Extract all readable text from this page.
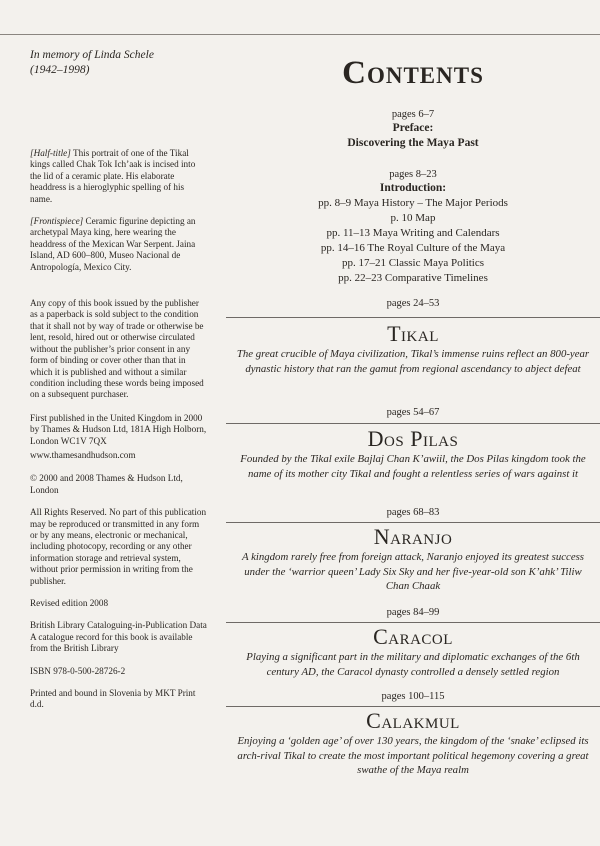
In memory of Linda Schele

(1942–1998)

[Half-title] This portrait of one of the Tikal kings called Chak Tok Ich’aak is incised into the lid of a ceramic plate. His elaborate headdress is a hieroglyphic spelling of his name.

[Frontispiece] Ceramic figurine depicting an archetypal Maya king, here wearing the headdress of the Mexican War Serpent. Jaina Island, AD 600–800, Museo Nacional de Antropología, Mexico City.

Any copy of this book issued by the publisher as a paperback is sold subject to the condition that it shall not by way of trade or otherwise be lent, resold, hired out or otherwise circulated without the publisher’s prior consent in any form of binding or cover other than that in which it is published and without a similar condition including these words being imposed on a subsequent purchaser.

First published in the United Kingdom in 2000 by Thames & Hudson Ltd, 181A High Holborn, London WC1V 7QX

www.thamesandhudson.com

© 2000 and 2008 Thames & Hudson Ltd, London

All Rights Reserved. No part of this publication may be reproduced or transmitted in any form or by any means, electronic or mechanical, including photocopy, recording or any other information storage and retrieval system, without prior permission in writing from the publisher.

Revised edition 2008

British Library Cataloguing-in-Publication Data A catalogue record for this book is available from the British Library

ISBN 978-0-500-28726-2

Printed and bound in Slovenia by MKT Print d.d.

Contents
pages 6–7
Preface:
Discovering the Maya Past
pages 8–23
Introduction:
pp. 8–9 Maya History – The Major Periods
p. 10 Map
pp. 11–13 Maya Writing and Calendars
pp. 14–16 The Royal Culture of the Maya
pp. 17–21 Classic Maya Politics
pp. 22–23 Comparative Timelines
pages 24–53
Tikal
The great crucible of Maya civilization, Tikal’s immense ruins reflect an 800-year dynastic history that ran the gamut from regional ascendancy to abject defeat
pages 54–67
Dos Pilas
Founded by the Tikal exile Bajlaj Chan K’awiil, the Dos Pilas kingdom took the name of its mother city Tikal and fought a relentless series of wars against it
pages 68–83
Naranjo
A kingdom rarely free from foreign attack, Naranjo enjoyed its greatest success under the ‘warrior queen’ Lady Six Sky and her five-year-old son K’ahk’ Tiliw Chan Chaak
pages 84–99
Caracol
Playing a significant part in the military and diplomatic exchanges of the 6th century AD, the Caracol dynasty controlled a densely settled region
pages 100–115
Calakmul
Enjoying a ‘golden age’ of over 130 years, the kingdom of the ‘snake’ eclipsed its arch-rival Tikal to create the most important political hegemony covering a great swathe of the Maya realm
